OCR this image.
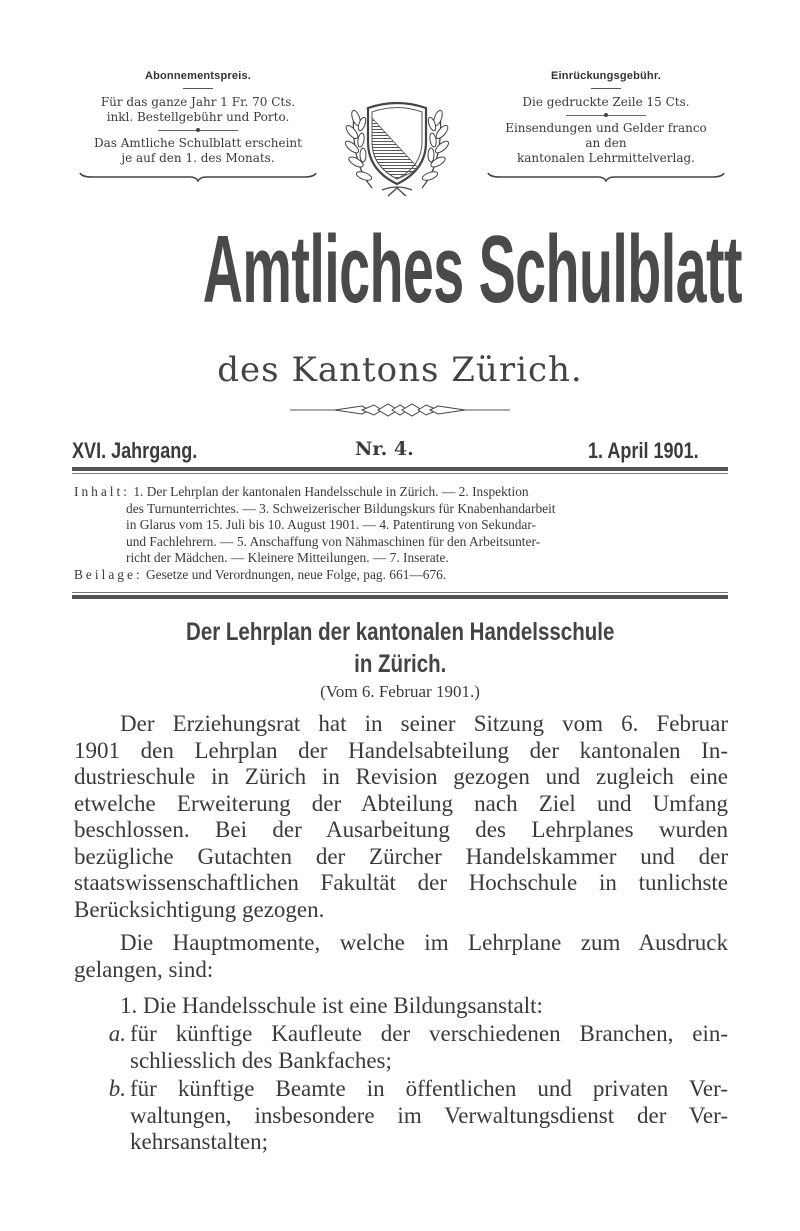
Abonnementspreis.
Für das ganze Jahr 1 Fr. 70 Cts.
inkl. Bestellgebühr und Porto.
Das Amtliche Schulblatt erscheint
je auf den 1. des Monats.
Einrückungsgebühr.
Die gedruckte Zeile 15 Cts.
Einsendungen und Gelder franco
an den
kantonalen Lehrmittelverlag.
Amtliches Schulblatt
des Kantons Zürich.
XVI. Jahrgang.	Nr. 4.	1. April 1901.
Inhalt: 1. Der Lehrplan der kantonalen Handelsschule in Zürich. — 2. Inspektion
des Turnunterrichtes. — 3. Schweizerischer Bildungskurs für Knabenhandarbeit
in Glarus vom 15. Juli bis 10. August 1901. — 4. Patentirung von Sekundar-
und Fachlehrern. — 5. Anschaffung von Nähmaschinen für den Arbeitsunter-
richt der Mädchen. — Kleinere Mitteilungen. — 7. Inserate.
Beilage: Gesetze und Verordnungen, neue Folge, pag. 661—676.
Der Lehrplan der kantonalen Handelsschule
in Zürich.
(Vom 6. Februar 1901.)
Der Erziehungsrat hat in seiner Sitzung vom 6. Februar
1901 den Lehrplan der Handelsabteilung der kantonalen In-
dustrieschule in Zürich in Revision gezogen und zugleich eine
etwelche Erweiterung der Abteilung nach Ziel und Umfang
beschlossen. Bei der Ausarbeitung des Lehrplanes wurden
bezügliche Gutachten der Zürcher Handelskammer und der
staatswissenschaftlichen Fakultät der Hochschule in tunlichste
Berücksichtigung gezogen.
Die Hauptmomente, welche im Lehrplane zum Ausdruck
gelangen, sind:
1. Die Handelsschule ist eine Bildungsanstalt:
a. für künftige Kaufleute der verschiedenen Branchen, ein-
schliesslich des Bankfaches;
b. für künftige Beamte in öffentlichen und privaten Ver-
waltungen, insbesondere im Verwaltungsdienst der Ver-
kehrsanstalten;
